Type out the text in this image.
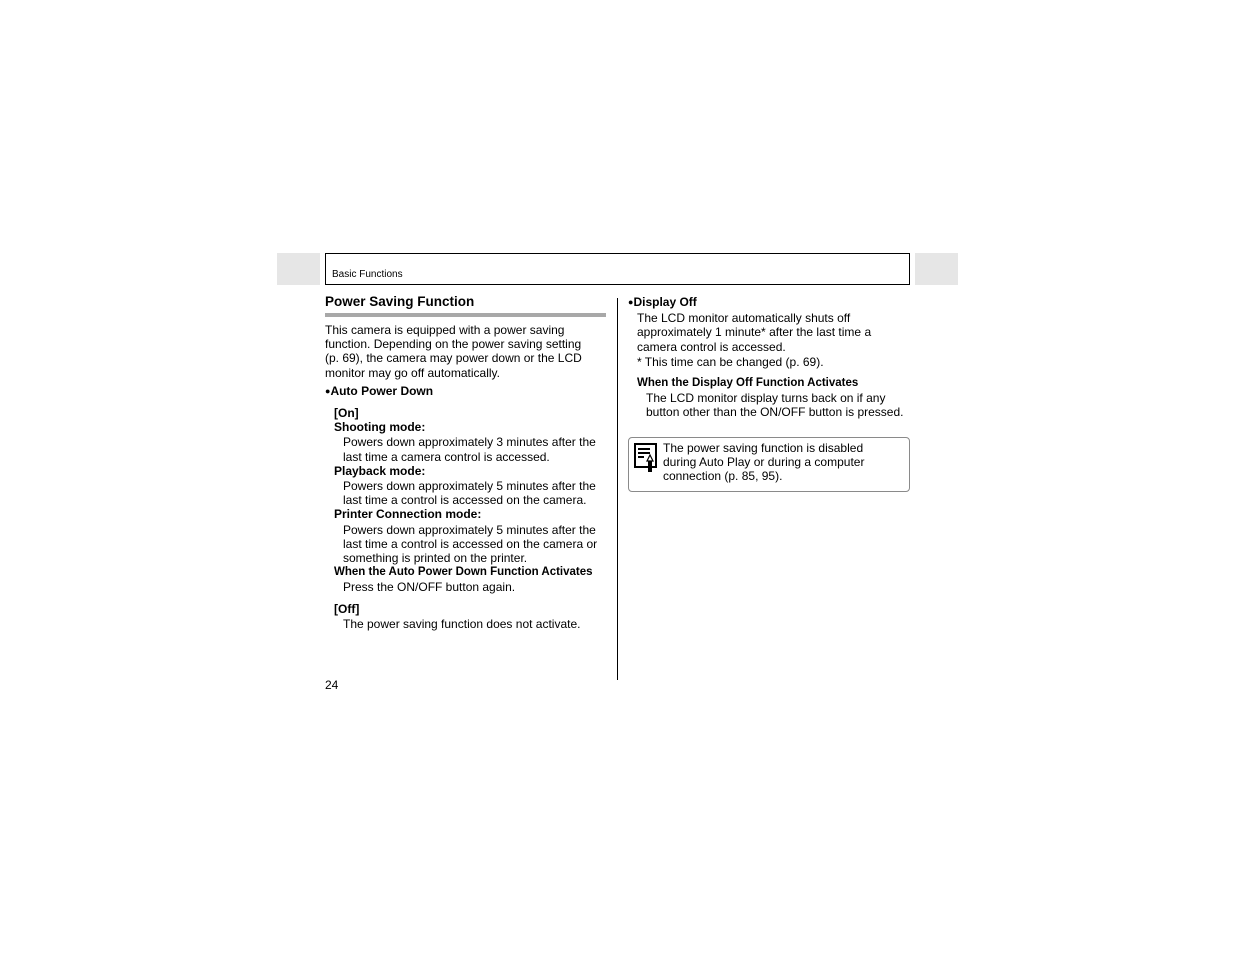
Basic Functions
Power Saving Function
This camera is equipped with a power saving
function. Depending on the power saving setting
(p. 69), the camera may power down or the LCD
monitor may go off automatically.
● Auto Power Down
[On]
Shooting mode:
Powers down approximately 3 minutes after the
last time a camera control is accessed.
Playback mode:
Powers down approximately 5 minutes after the
last time a control is accessed on the camera.
Printer Connection mode:
Powers down approximately 5 minutes after the
last time a control is accessed on the camera or
something is printed on the printer.
When the Auto Power Down Function Activates
Press the ON/OFF button again.
[Off]
The power saving function does not activate.
● Display Off
The LCD monitor automatically shuts off
approximately 1 minute* after the last time a
camera control is accessed.
* This time can be changed (p. 69).
When the Display Off Function Activates
The LCD monitor display turns back on if any
button other than the ON/OFF button is pressed.
The power saving function is disabled
during Auto Play or during a computer
connection (p. 85, 95).
24
